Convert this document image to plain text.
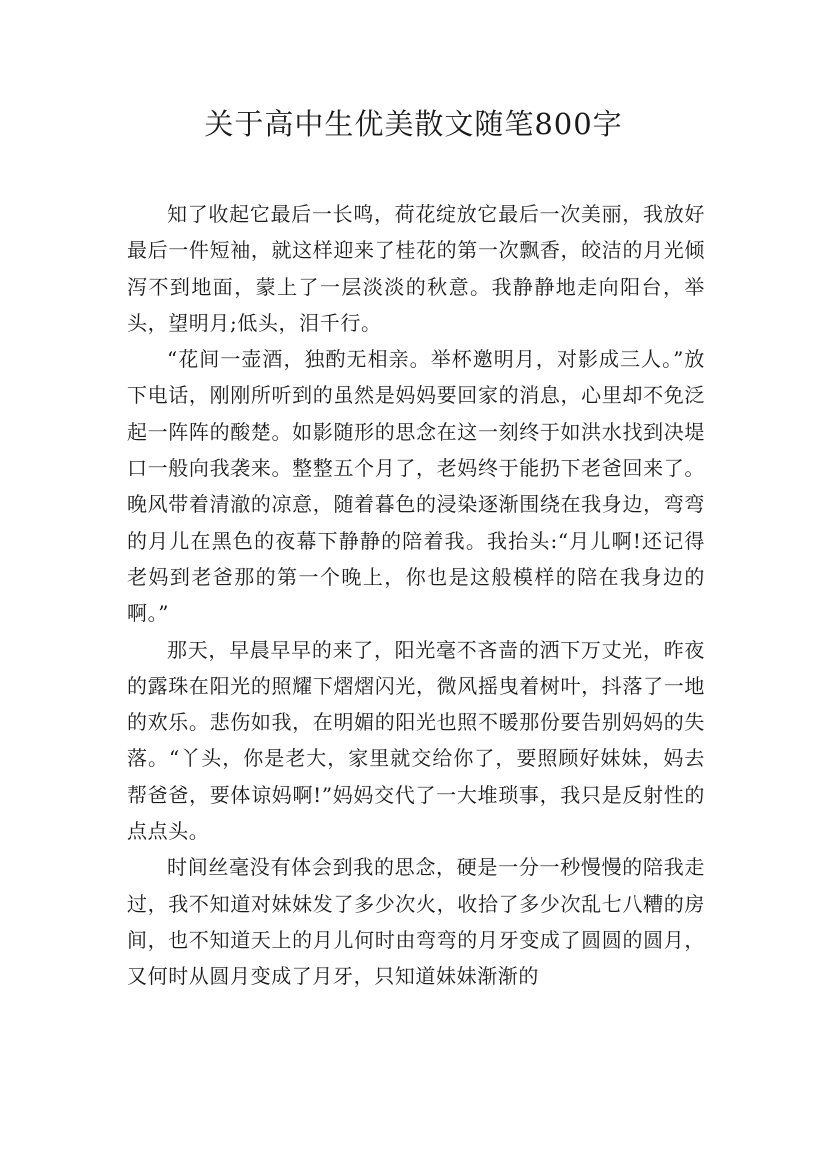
关于高中生优美散文随笔800字

知了收起它最后一长鸣，荷花绽放它最后一次美丽，我放好最后一件短袖，就这样迎来了桂花的第一次飘香，皎洁的月光倾泻不到地面，蒙上了一层淡淡的秋意。我静静地走向阳台，举头，望明月;低头，泪千行。

“花间一壶酒，独酌无相亲。举杯邀明月，对影成三人。”放下电话，刚刚所听到的虽然是妈妈要回家的消息，心里却不免泛起一阵阵的酸楚。如影随形的思念在这一刻终于如洪水找到决堤口一般向我袭来。整整五个月了，老妈终于能扔下老爸回来了。晚风带着清澈的凉意，随着暮色的浸染逐渐围绕在我身边，弯弯的月儿在黑色的夜幕下静静的陪着我。我抬头:“月儿啊!还记得老妈到老爸那的第一个晚上，你也是这般模样的陪在我身边的啊。”

那天，早晨早早的来了，阳光毫不吝啬的洒下万丈光，昨夜的露珠在阳光的照耀下熠熠闪光，微风摇曳着树叶，抖落了一地的欢乐。悲伤如我，在明媚的阳光也照不暖那份要告别妈妈的失落。“丫头，你是老大，家里就交给你了，要照顾好妹妹，妈去帮爸爸，要体谅妈啊!”妈妈交代了一大堆琐事，我只是反射性的点点头。

时间丝毫没有体会到我的思念，硬是一分一秒慢慢的陪我走过，我不知道对妹妹发了多少次火，收拾了多少次乱七八糟的房间，也不知道天上的月儿何时由弯弯的月牙变成了圆圆的圆月，又何时从圆月变成了月牙，只知道妹妹渐渐的
